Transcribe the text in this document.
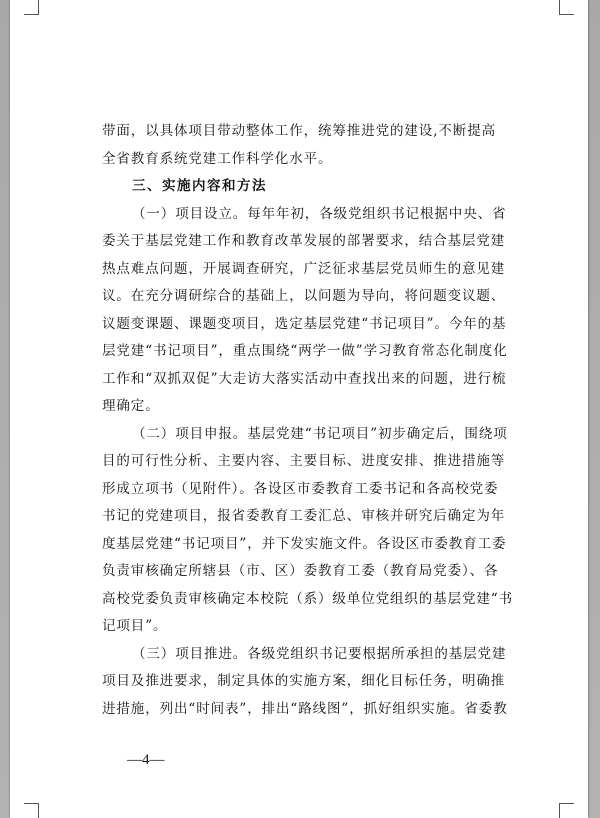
带面，以具体项目带动整体工作，统筹推进党的建设,不断提高
全省教育系统党建工作科学化水平。
三、实施内容和方法
（一）项目设立。每年年初，各级党组织书记根据中央、省
委关于基层党建工作和教育改革发展的部署要求，结合基层党建
热点难点问题，开展调查研究，广泛征求基层党员师生的意见建
议。在充分调研综合的基础上，以问题为导向，将问题变议题、
议题变课题、课题变项目，选定基层党建“书记项目”。今年的基
层党建“书记项目”，重点围绕“两学一做”学习教育常态化制度化
工作和“双抓双促”大走访大落实活动中查找出来的问题，进行梳
理确定。
（二）项目申报。基层党建“书记项目”初步确定后，围绕项
目的可行性分析、主要内容、主要目标、进度安排、推进措施等
形成立项书（见附件）。各设区市委教育工委书记和各高校党委
书记的党建项目，报省委教育工委汇总、审核并研究后确定为年
度基层党建“书记项目”，并下发实施文件。各设区市委教育工委
负责审核确定所辖县（市、区）委教育工委（教育局党委）、各
高校党委负责审核确定本校院（系）级单位党组织的基层党建“书
记项目”。
（三）项目推进。各级党组织书记要根据所承担的基层党建
项目及推进要求，制定具体的实施方案，细化目标任务，明确推
进措施，列出“时间表”，排出“路线图”，抓好组织实施。省委教
—4—
